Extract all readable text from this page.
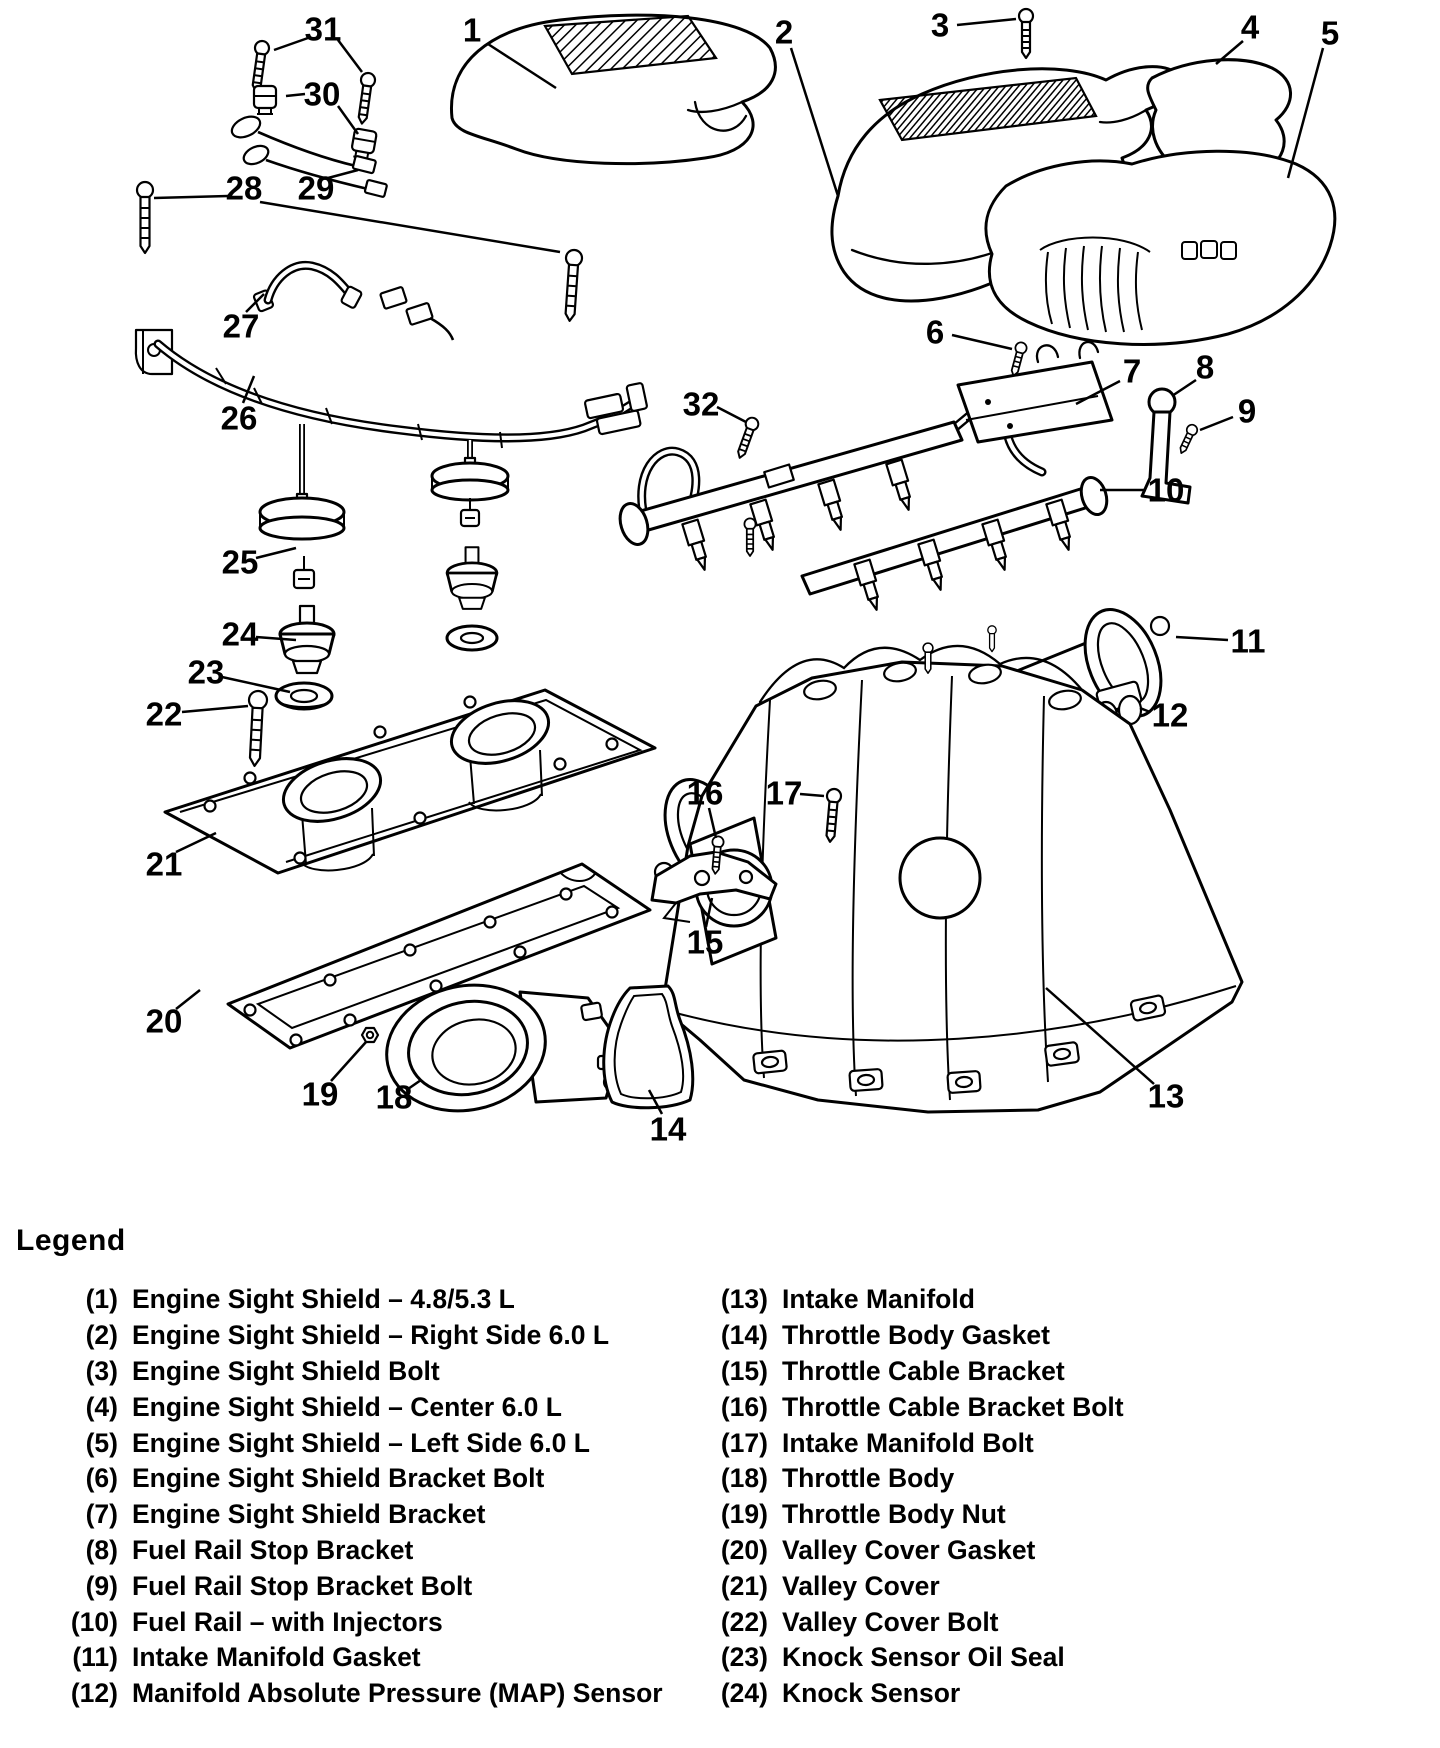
1	2	3	4 5
6
7 8
9
10
11
12
13
14
15
16 17
18
19
20
21
22
23
24
25
26
27
28 29
30
31
32

Legend

(1) Engine Sight Shield – 4.8/5.3 L
(2) Engine Sight Shield – Right Side 6.0 L
(3) Engine Sight Shield Bolt
(4) Engine Sight Shield – Center 6.0 L
(5) Engine Sight Shield – Left Side 6.0 L
(6) Engine Sight Shield Bracket Bolt
(7) Engine Sight Shield Bracket
(8) Fuel Rail Stop Bracket
(9) Fuel Rail Stop Bracket Bolt
(10) Fuel Rail – with Injectors
(11) Intake Manifold Gasket
(12) Manifold Absolute Pressure (MAP) Sensor
(13) Intake Manifold
(14) Throttle Body Gasket
(15) Throttle Cable Bracket
(16) Throttle Cable Bracket Bolt
(17) Intake Manifold Bolt
(18) Throttle Body
(19) Throttle Body Nut
(20) Valley Cover Gasket
(21) Valley Cover
(22) Valley Cover Bolt
(23) Knock Sensor Oil Seal
(24) Knock Sensor
